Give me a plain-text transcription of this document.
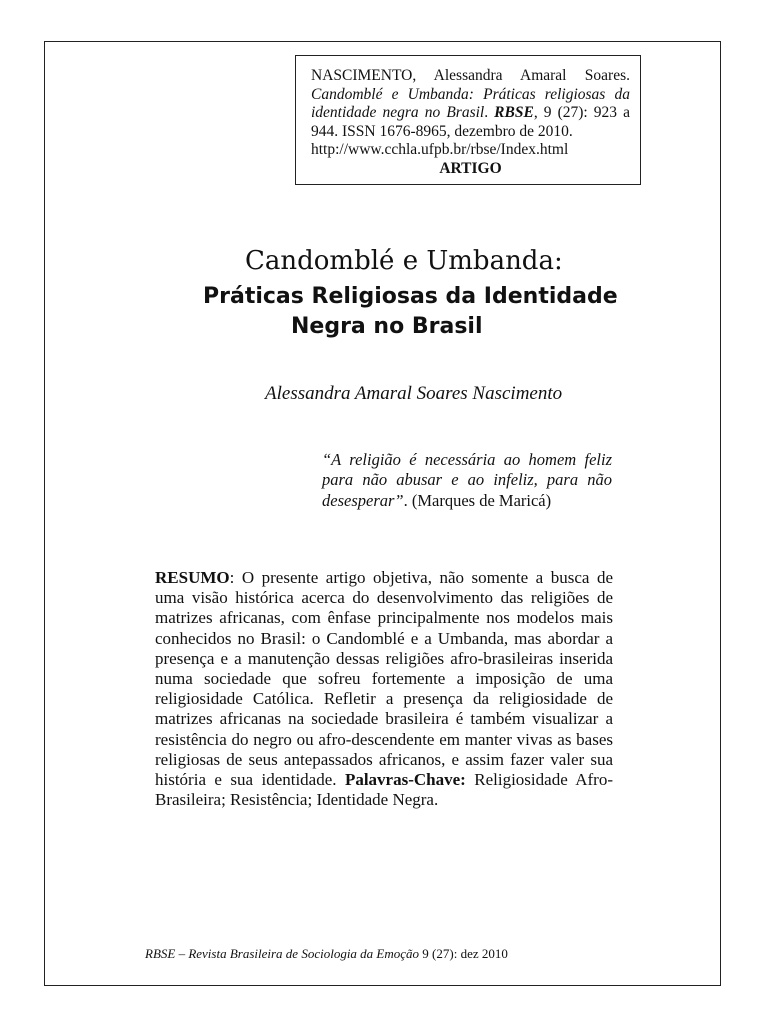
NASCIMENTO, Alessandra Amaral Soares. Candomblé e Umbanda: Práticas religiosas da identidade negra no Brasil. RBSE, 9 (27): 923 a 944. ISSN 1676-8965, dezembro de 2010.
http://www.cchla.ufpb.br/rbse/Index.html
ARTIGO
Candomblé e Umbanda:
Práticas Religiosas da Identidade
Negra no Brasil
Alessandra Amaral Soares Nascimento
“A religião é necessária ao homem feliz para não abusar e ao infeliz, para não desesperar”. (Marques de Maricá)
RESUMO: O presente artigo objetiva, não somente a busca de uma visão histórica acerca do desenvolvimento das religiões de matrizes africanas, com ênfase principalmente nos modelos mais conhecidos no Brasil: o Candomblé e a Umbanda, mas abordar a presença e a manutenção dessas religiões afro-brasileiras inserida numa sociedade que sofreu fortemente a imposição de uma religiosidade Católica. Refletir a presença da religiosidade de matrizes africanas na sociedade brasileira é também visualizar a resistência do negro ou afro-descendente em manter vivas as bases religiosas de seus antepassados africanos, e assim fazer valer sua história e sua identidade. Palavras-Chave: Religiosidade Afro-Brasileira; Resistência; Identidade Negra.
RBSE – Revista Brasileira de Sociologia da Emoção 9 (27): dez 2010
